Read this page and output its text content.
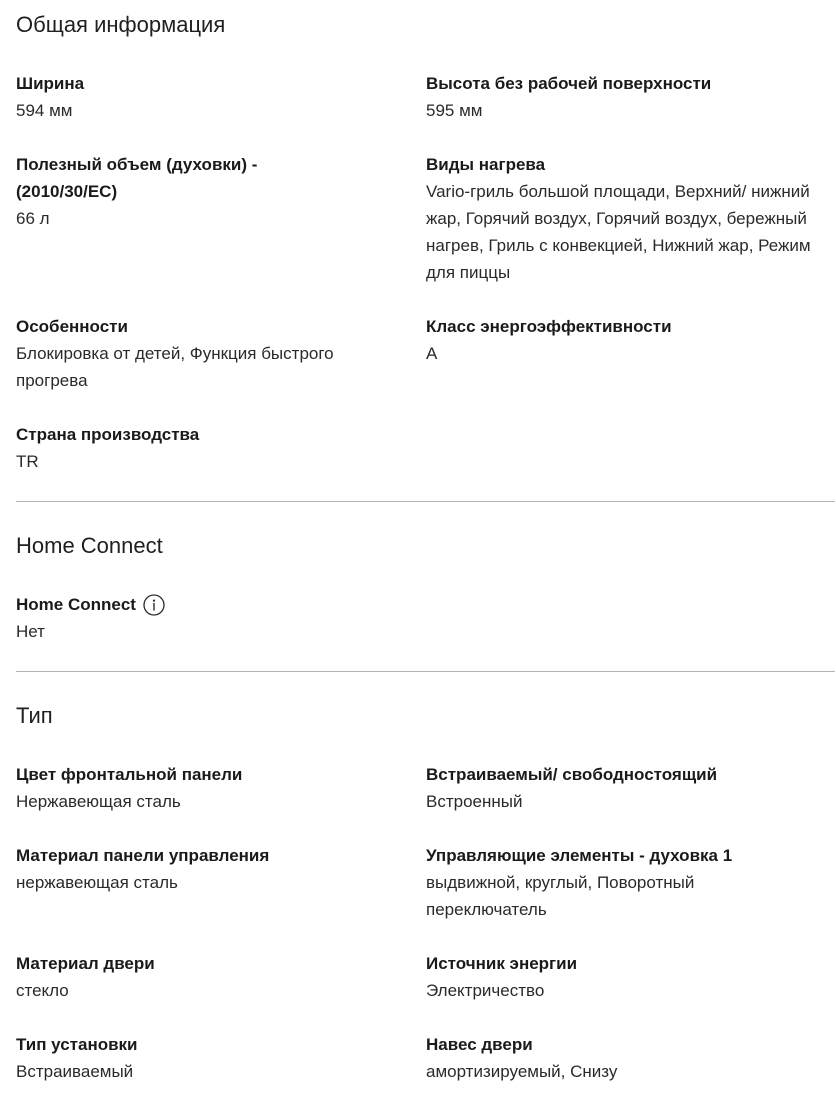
Общая информация
Ширина
594 мм
Высота без рабочей поверхности
595 мм
Полезный объем (духовки) - (2010/30/EC)
66 л
Виды нагрева
Vario-гриль большой площади, Верхний/ нижний жар, Горячий воздух, Горячий воздух, бережный нагрев, Гриль с конвекцией, Нижний жар, Режим для пиццы
Особенности
Блокировка от детей, Функция быстрого прогрева
Класс энергоэффективности
A
Страна производства
TR
Home Connect
Home Connect
Нет
Тип
Цвет фронтальной панели
Нержавеющая сталь
Встраиваемый/ свободностоящий
Встроенный
Материал панели управления
нержавеющая сталь
Управляющие элементы - духовка 1
выдвижной, круглый, Поворотный переключатель
Материал двери
стекло
Источник энергии
Электричество
Тип установки
Встраиваемый
Навес двери
амортизируемый, Снизу
